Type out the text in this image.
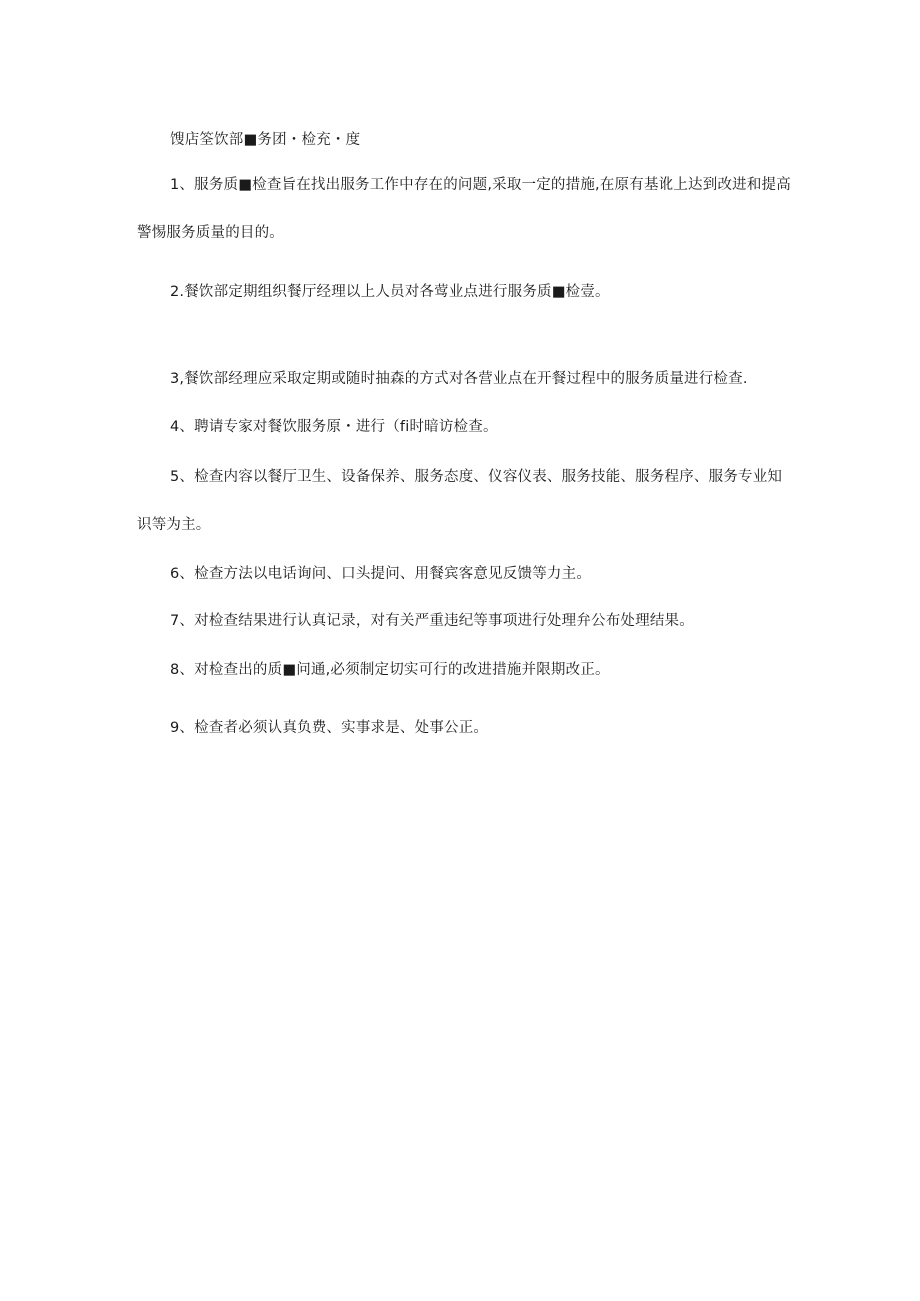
馊店筌饮部■务团・检充・度
1、服务质■检查旨在找出服务工作中存在的问题,采取一定的措施,在原有基讹上达到改进和提高
警惕服务质量的目的。
2.餐饮部定期组织餐厅经理以上人员对各莺业点进行服务质■检壹。
3,餐饮部经理应采取定期或随时抽森的方式对各营业点在开餐过程中的服务质量进行检查.
4、聘请专家对餐饮服务原・进行（fi时暗访检查。
5、检查内容以餐厅卫生、设备保养、服务态度、仪容仪表、服务技能、服务程序、服务专业知
识等为主。
6、检查方法以电话询问、口头提问、用餐宾客意见反馈等力主。
7、对检查结果进行认真记录，对有关严重违纪等事项进行处理弁公布处理结果。
8、对检查出的质■问通,必须制定切实可行的改进措施并限期改正。
9、检查者必须认真负费、实事求是、处事公正。
